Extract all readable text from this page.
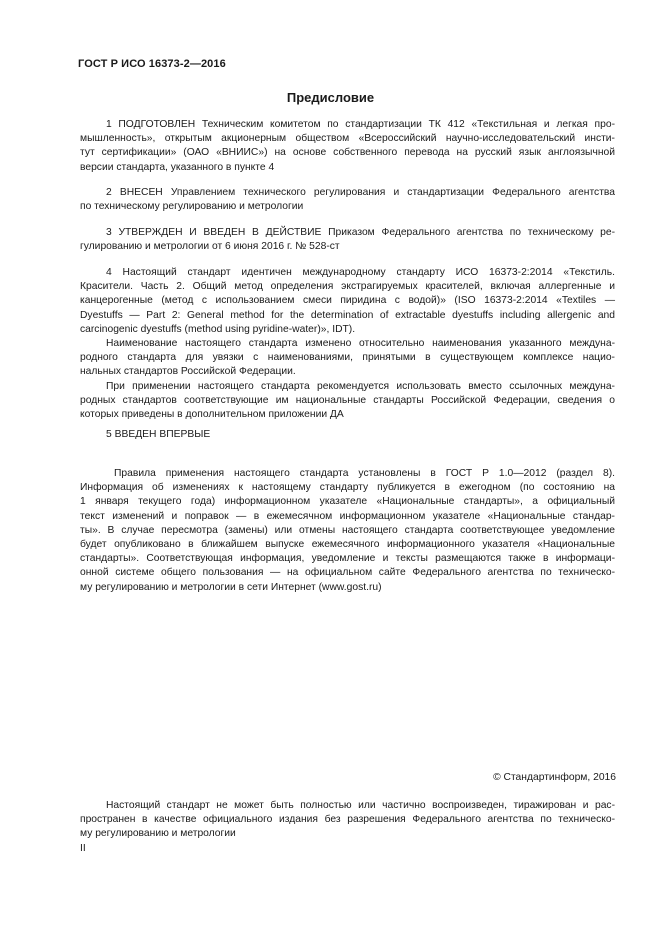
ГОСТ Р ИСО 16373-2—2016
Предисловие
1 ПОДГОТОВЛЕН Техническим комитетом по стандартизации ТК 412 «Текстильная и легкая про-
мышленность», открытым акционерным обществом «Всероссийский научно-исследовательский инсти-
тут сертификации» (ОАО «ВНИИС») на основе собственного перевода на русский язык англоязычной
версии стандарта, указанного в пункте 4
2 ВНЕСЕН Управлением технического регулирования и стандартизации Федерального агентства
по техническому регулированию и метрологии
3 УТВЕРЖДЕН И ВВЕДЕН В ДЕЙСТВИЕ Приказом Федерального агентства по техническому ре-
гулированию и метрологии от 6 июня 2016 г. № 528-ст
4 Настоящий стандарт идентичен международному стандарту ИСО 16373-2:2014 «Текстиль.
Красители. Часть 2. Общий метод определения экстрагируемых красителей, включая аллергенные и
канцерогенные (метод с использованием смеси пиридина с водой)» (ISO 16373-2:2014 «Textiles —
Dyestuffs — Part 2: General method for the determination of extractable dyestuffs including allergenic and
carcinogenic dyestuffs (method using pyridine-water)», IDT).
Наименование настоящего стандарта изменено относительно наименования указанного междуна-
родного стандарта для увязки с наименованиями, принятыми в существующем комплексе нацио-
нальных стандартов Российской Федерации.
При применении настоящего стандарта рекомендуется использовать вместо ссылочных междуна-
родных стандартов соответствующие им национальные стандарты Российской Федерации, сведения о
которых приведены в дополнительном приложении ДА
5 ВВЕДЕН ВПЕРВЫЕ
Правила применения настоящего стандарта установлены в ГОСТ Р 1.0—2012 (раздел 8).
Информация об изменениях к настоящему стандарту публикуется в ежегодном (по состоянию на
1 января текущего года) информационном указателе «Национальные стандарты», а официальный
текст изменений и поправок — в ежемесячном информационном указателе «Национальные стандар-
ты». В случае пересмотра (замены) или отмены настоящего стандарта соответствующее уведомление
будет опубликовано в ближайшем выпуске ежемесячного информационного указателя «Национальные
стандарты». Соответствующая информация, уведомление и тексты размещаются также в информаци-
онной системе общего пользования — на официальном сайте Федерального агентства по техническо-
му регулированию и метрологии в сети Интернет (www.gost.ru)
© Стандартинформ, 2016
Настоящий стандарт не может быть полностью или частично воспроизведен, тиражирован и рас-
пространен в качестве официального издания без разрешения Федерального агентства по техническо-
му регулированию и метрологии
II
